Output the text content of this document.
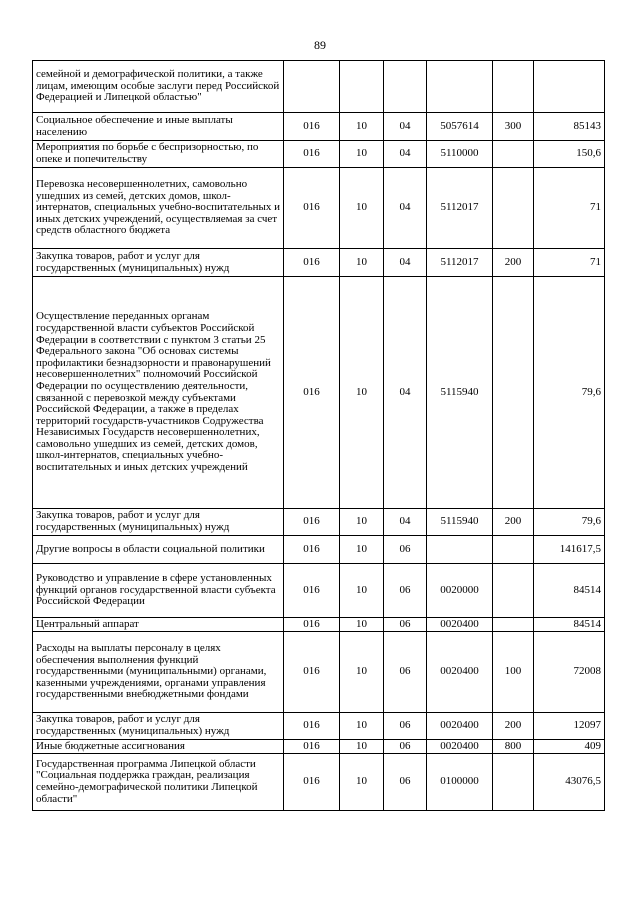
89
семейной и демографической политики, а также лицам, имеющим особые заслуги перед Российской Федерацией и Липецкой областью"						
Социальное обеспечение и иные выплаты населению	016	10	04	5057614	300	85143
Мероприятия по борьбе с беспризорностью, по опеке и попечительству	016	10	04	5110000		150,6
Перевозка несовершеннолетних, самовольно ушедших из семей, детских домов, школ-интернатов, специальных учебно-воспитательных и иных детских учреждений, осуществляемая за счет средств областного бюджета	016	10	04	5112017		71
Закупка товаров, работ и услуг для государственных (муниципальных) нужд	016	10	04	5112017	200	71
Осуществление переданных органам государственной власти субъектов Российской Федерации в соответствии с пунктом 3 статьи 25 Федерального закона "Об основах системы профилактики безнадзорности и правонарушений несовершеннолетних" полномочий Российской Федерации по осуществлению деятельности, связанной с перевозкой между субъектами Российской Федерации, а также в пределах территорий государств-участников Содружества Независимых Государств несовершеннолетних, самовольно ушедших из семей, детских домов, школ-интернатов, специальных учебно-воспитательных и иных детских учреждений	016	10	04	5115940		79,6
Закупка товаров, работ и услуг для государственных (муниципальных) нужд	016	10	04	5115940	200	79,6
Другие вопросы в области социальной политики	016	10	06			141617,5
Руководство и управление в сфере установленных функций органов государственной власти субъекта Российской Федерации	016	10	06	0020000		84514
Центральный аппарат	016	10	06	0020400		84514
Расходы на выплаты персоналу в целях обеспечения выполнения функций государственными (муниципальными) органами, казенными учреждениями, органами управления государственными внебюджетными фондами	016	10	06	0020400	100	72008
Закупка товаров, работ и услуг для государственных (муниципальных) нужд	016	10	06	0020400	200	12097
Иные бюджетные ассигнования	016	10	06	0020400	800	409
Государственная программа Липецкой области "Социальная поддержка граждан, реализация семейно-демографической политики Липецкой области"	016	10	06	0100000		43076,5
